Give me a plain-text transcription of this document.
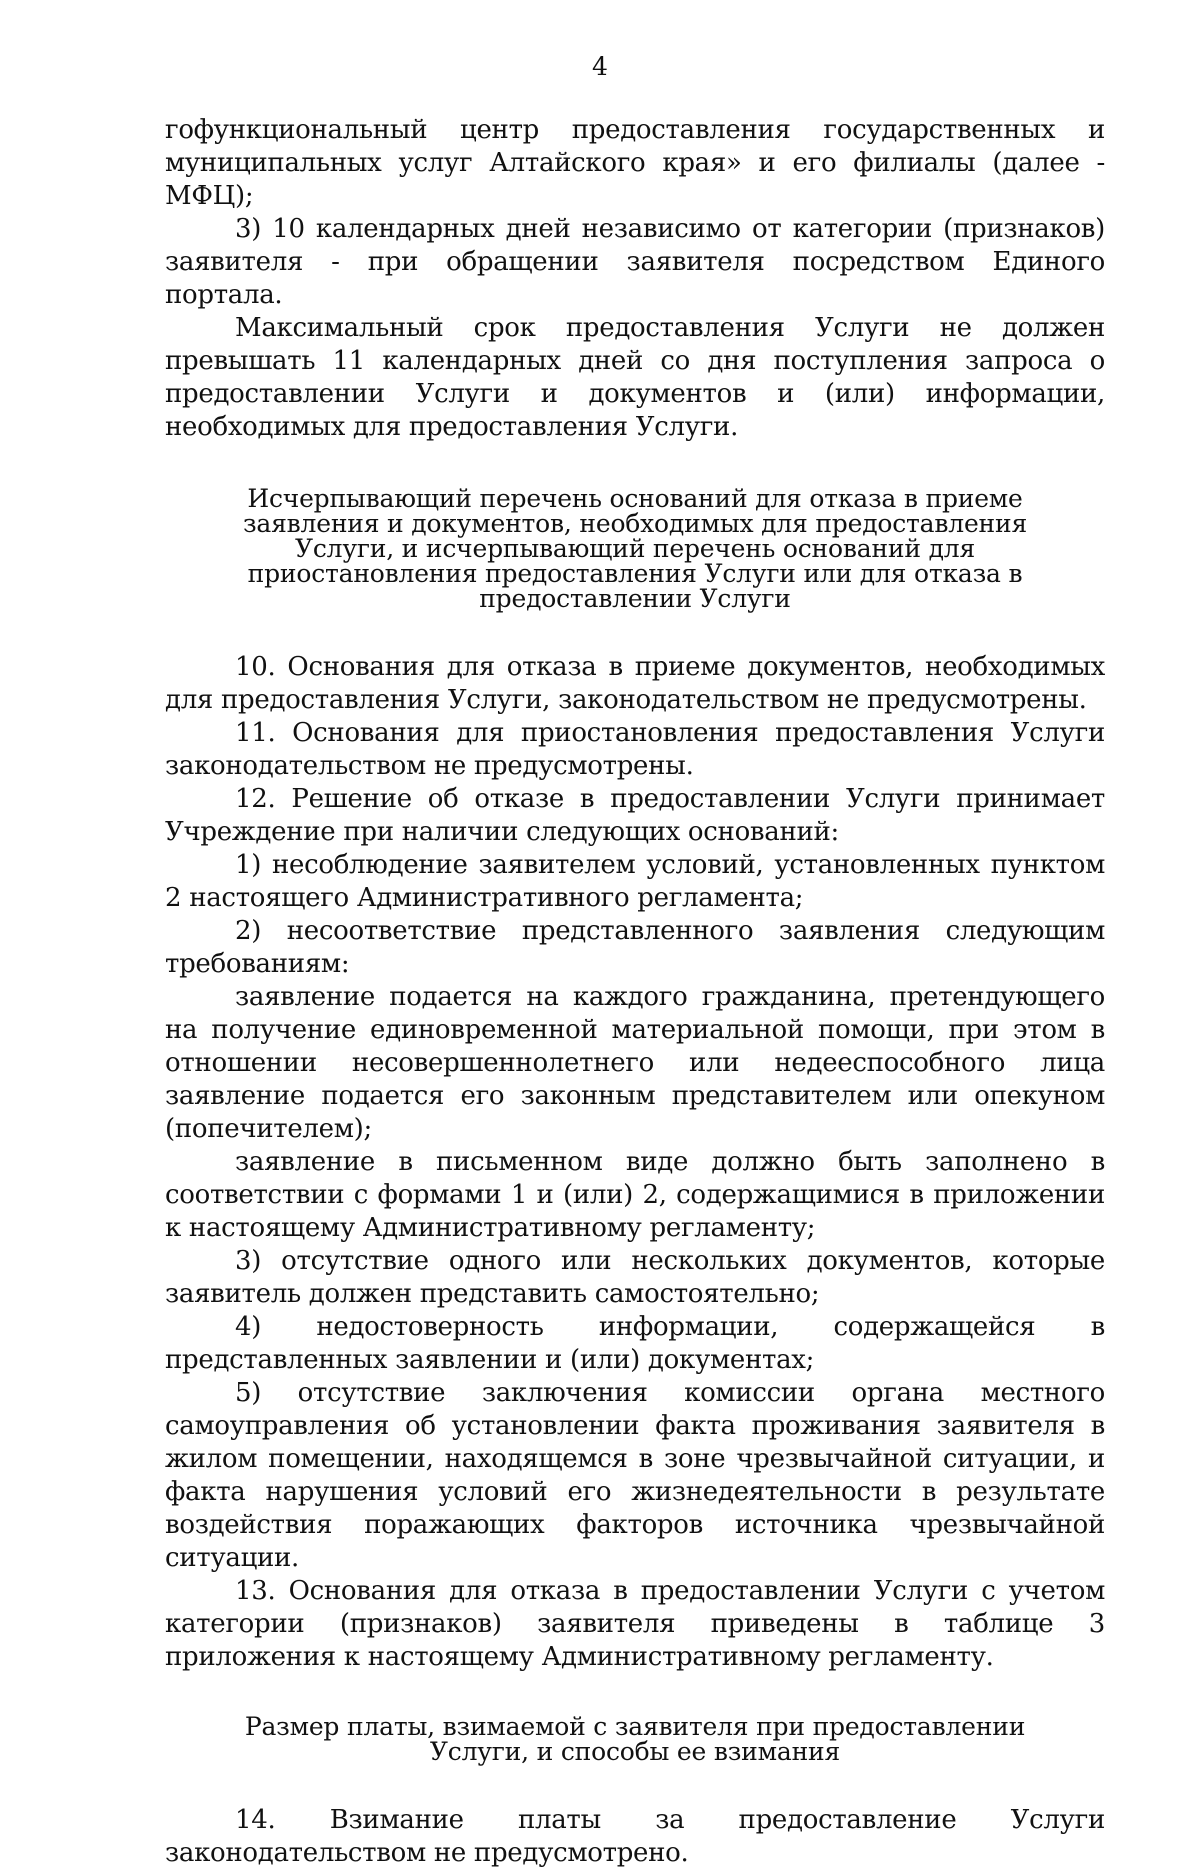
4

гофункциональный центр предоставления государственных и муниципальных услуг Алтайского края» и его филиалы (далее - МФЦ);

3) 10 календарных дней независимо от категории (признаков) заявителя - при обращении заявителя посредством Единого портала.

Максимальный срок предоставления Услуги не должен превышать 11 календарных дней со дня поступления запроса о предоставлении Услуги и документов и (или) информации, необходимых для предоставления Услуги.

Исчерпывающий перечень оснований для отказа в приеме заявления и документов, необходимых для предоставления Услуги, и исчерпывающий перечень оснований для приостановления предоставления Услуги или для отказа в предоставлении Услуги

10. Основания для отказа в приеме документов, необходимых для предоставления Услуги, законодательством не предусмотрены.

11. Основания для приостановления предоставления Услуги законодательством не предусмотрены.

12. Решение об отказе в предоставлении Услуги принимает Учреждение при наличии следующих оснований:

1) несоблюдение заявителем условий, установленных пунктом 2 настоящего Административного регламента;

2) несоответствие представленного заявления следующим требованиям:

заявление подается на каждого гражданина, претендующего на получение единовременной материальной помощи, при этом в отношении несовершеннолетнего или недееспособного лица заявление подается его законным представителем или опекуном (попечителем);

заявление в письменном виде должно быть заполнено в соответствии с формами 1 и (или) 2, содержащимися в приложении к настоящему Административному регламенту;

3) отсутствие одного или нескольких документов, которые заявитель должен представить самостоятельно;

4) недостоверность информации, содержащейся в представленных заявлении и (или) документах;

5) отсутствие заключения комиссии органа местного самоуправления об установлении факта проживания заявителя в жилом помещении, находящемся в зоне чрезвычайной ситуации, и факта нарушения условий его жизнедеятельности в результате воздействия поражающих факторов источника чрезвычайной ситуации.

13. Основания для отказа в предоставлении Услуги с учетом категории (признаков) заявителя приведены в таблице 3 приложения к настоящему Административному регламенту.

Размер платы, взимаемой с заявителя при предоставлении Услуги, и способы ее взимания

14. Взимание платы за предоставление Услуги законодательством не предусмотрено.
